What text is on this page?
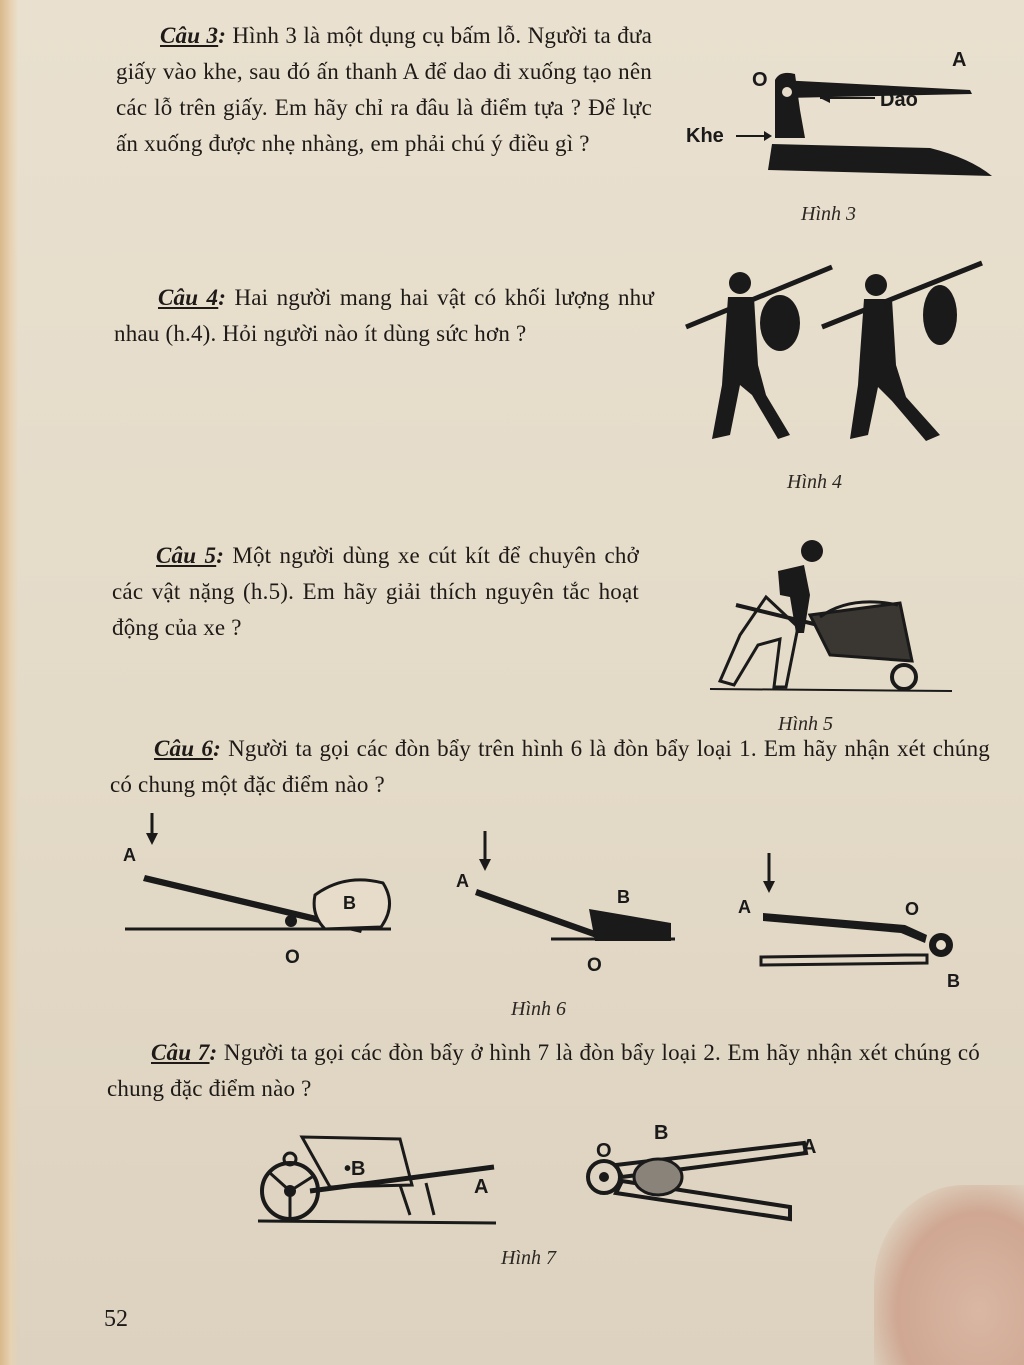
Câu 3: Hình 3 là một dụng cụ bấm lỗ. Người ta đưa giấy vào khe, sau đó ấn thanh A để dao đi xuống tạo nên các lỗ trên giấy. Em hãy chỉ ra đâu là điểm tựa ? Để lực ấn xuống được nhẹ nhàng, em phải chú ý điều gì ?
A
O
Dao
Khe
Hình 3
Câu 4: Hai người mang hai vật có khối lượng như nhau (h.4). Hỏi người nào ít dùng sức hơn ?
Hình 4
Câu 5: Một người dùng xe cút kít để chuyên chở các vật nặng (h.5). Em hãy giải thích nguyên tắc hoạt động của xe ?
Hình 5
Câu 6: Người ta gọi các đòn bẩy trên hình 6 là đòn bẩy loại 1. Em hãy nhận xét chúng có chung một đặc điểm nào ?
A
B
O
A
B
O
A	O
B
Hình 6
Câu 7: Người ta gọi các đòn bẩy ở hình 7 là đòn bẩy loại 2. Em hãy nhận xét chúng có chung đặc điểm nào ?
•B
A
O
B
A
Hình 7
52
